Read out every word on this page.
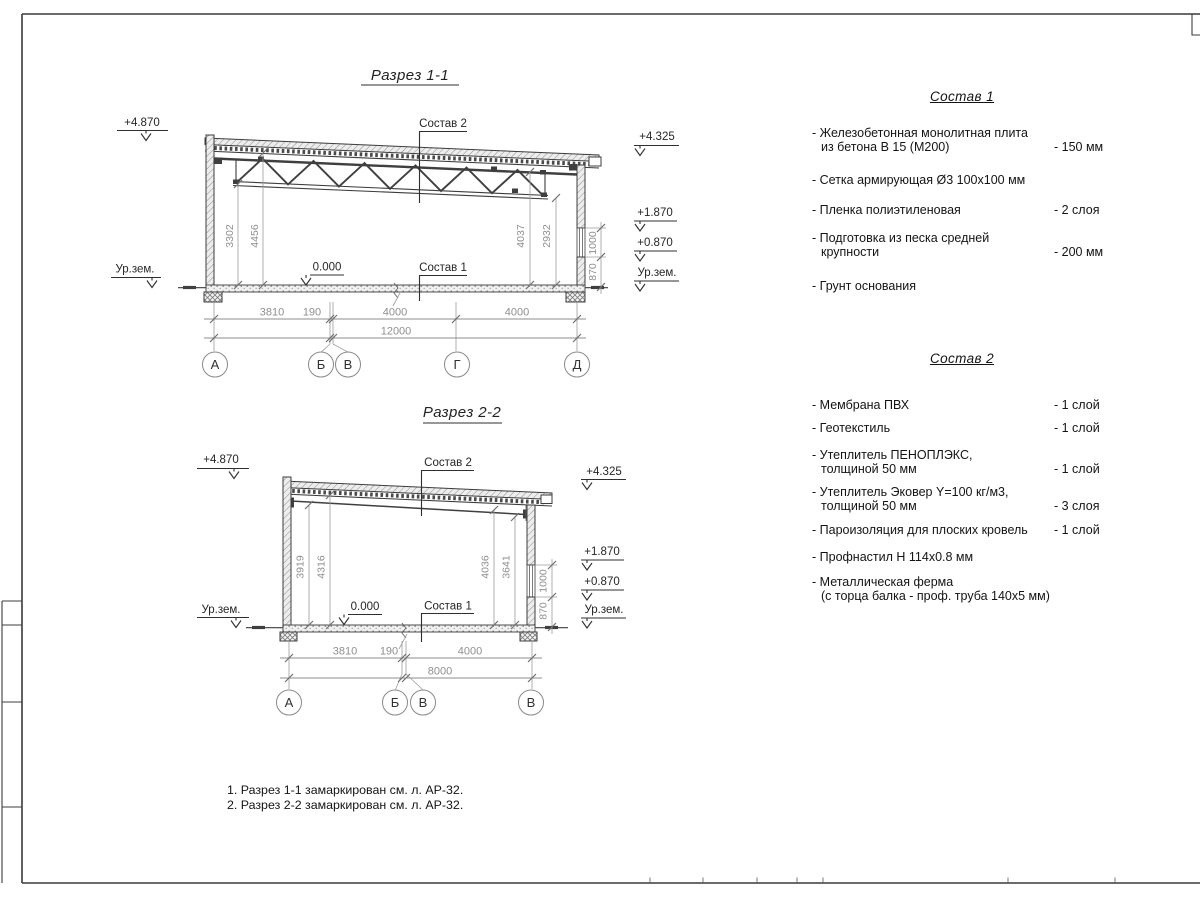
Разрез 1-1
3810 190	4000	4000
12000
А	Б В	Г	Д
3302 4456	4037 2932	1000
870
+4.870
Ур.зем.
+4.325
+1.870
+0.870
Ур.зем.
Состав 2
Состав 1
0.000
Разрез 2-2
3810 190	4000
8000
А	Б В	В
3919 4316	4036 3641
1000
870
+4.870
Ур.зем.
+4.325
+1.870
+0.870
Ур.зем.
Состав 2
Состав 1
0.000
Состав 1
- Железобетонная монолитная плита
из бетона В 15 (М200)	- 150 мм
- Сетка армирующая Ø3 100х100 мм
- Пленка полиэтиленовая	- 2 слоя
- Подготовка из песка средней
крупности	- 200 мм
- Грунт основания
Состав 2
- Мембрана ПВХ	- 1 слой
- Геотекстиль	- 1 слой
- Утеплитель ПЕНОПЛЭКС,
толщиной 50 мм	- 1 слой
- Утеплитель Эковер Y=100 кг/м3,
толщиной 50 мм	- 3 слоя
- Пароизоляция для плоских кровель	- 1 слой
- Профнастил Н 114х0.8 мм
- Металлическая ферма
(с торца балка - проф. труба 140х5 мм)
1. Разрез 1-1 замаркирован см. л. АР-32.
2. Разрез 2-2 замаркирован см. л. АР-32.
